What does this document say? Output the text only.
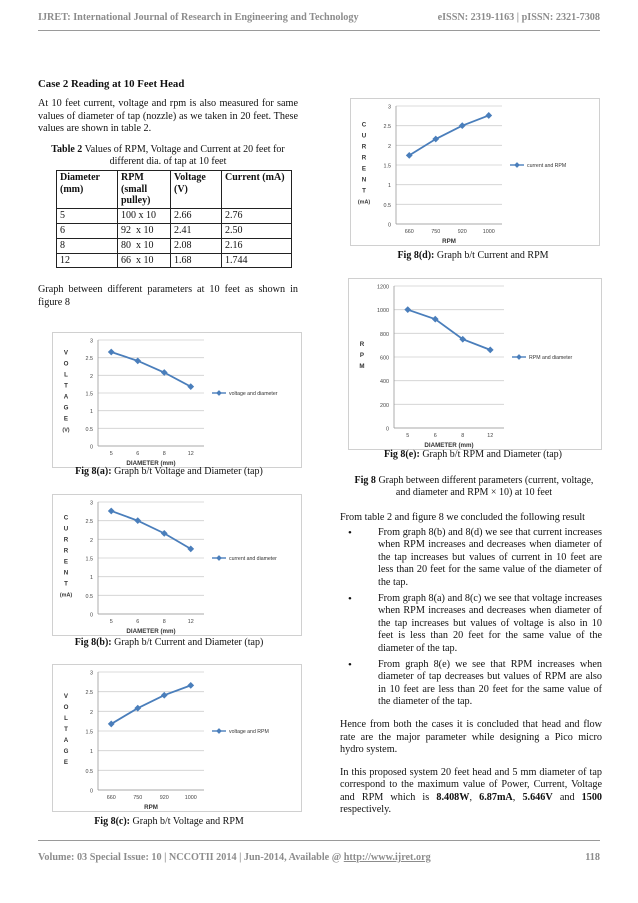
IJRET: International Journal of Research in Engineering and Technology	eISSN: 2319-1163 | pISSN: 2321-7308
Case 2 Reading at 10 Feet Head

At 10 feet current, voltage and rpm is also measured for same values of diameter of tap (nozzle) as we taken in 20 feet. These values are shown in table 2.

Table 2 Values of RPM, Voltage and Current at 20 feet for different dia. of tap at 10 feet
Diameter (mm)	RPM (small pulley)	Voltage (V)	Current (mA)
5	100 x 10	2.66	2.76
6	92  x 10	2.41	2.50
8	80  x 10	2.08	2.16
12	66  x 10	1.68	1.744

Graph between different parameters at 10 feet as shown in figure 8

0
0.5
1
1.5
2
2.5
3
5	6	8	12
V O L T A G E (V)
DIAMETER (mm)
voltage and diameter
Fig 8(a): Graph b/t Voltage and Diameter (tap)
0
0.5
1
1.5
2
2.5
3
5	6	8	12
C U R R E N T (mA)
DIAMETER (mm)
current and diameter
Fig 8(b): Graph b/t Current and Diameter (tap)
0
0.5
1
1.5
2
2.5
3
660	750	920	1000
V O L T A G E
RPM
voltage and RPM
Fig 8(c): Graph b/t Voltage and RPM
0
0.5
1
1.5
2
2.5
3
660	750	920	1000
C U R R E N T (mA)
RPM
current and RPM
Fig 8(d): Graph b/t Current and RPM
0
200
400
600
800
1000
1200
5	6	8	12
R P M
DIAMETER (mm)
RPM and diameter
Fig 8(e): Graph b/t RPM and Diameter (tap)
Fig 8 Graph between different parameters (current, voltage, and diameter and RPM × 10) at 10 feet

From table 2 and figure 8 we concluded the following result

• From graph 8(b) and 8(d) we see that current increases when RPM increases and decreases when diameter of the tap increases but values of current in 10 feet are less than 20 feet for the same value of the diameter of the tap.
• From graph 8(a) and 8(c) we see that voltage increases when RPM increases and decreases when diameter of the tap increases but values of voltage is also in 10 feet is less than 20 feet for the same value of the diameter of the tap.
• From graph 8(e) we see that RPM increases when diameter of tap decreases but values of RPM are also in 10 feet are less than 20 feet for the same value of the diameter of the tap.

Hence from both the cases it is concluded that head and flow rate are the major parameter while designing a Pico micro hydro system.

In this proposed system 20 feet head and 5 mm diameter of tap correspond to the maximum value of Power, Current, Voltage and RPM which is 8.408W, 6.87mA, 5.646V and 1500 respectively.

Volume: 03 Special Issue: 10 | NCCOTII 2014 | Jun-2014, Available @ http://www.ijret.org	118
